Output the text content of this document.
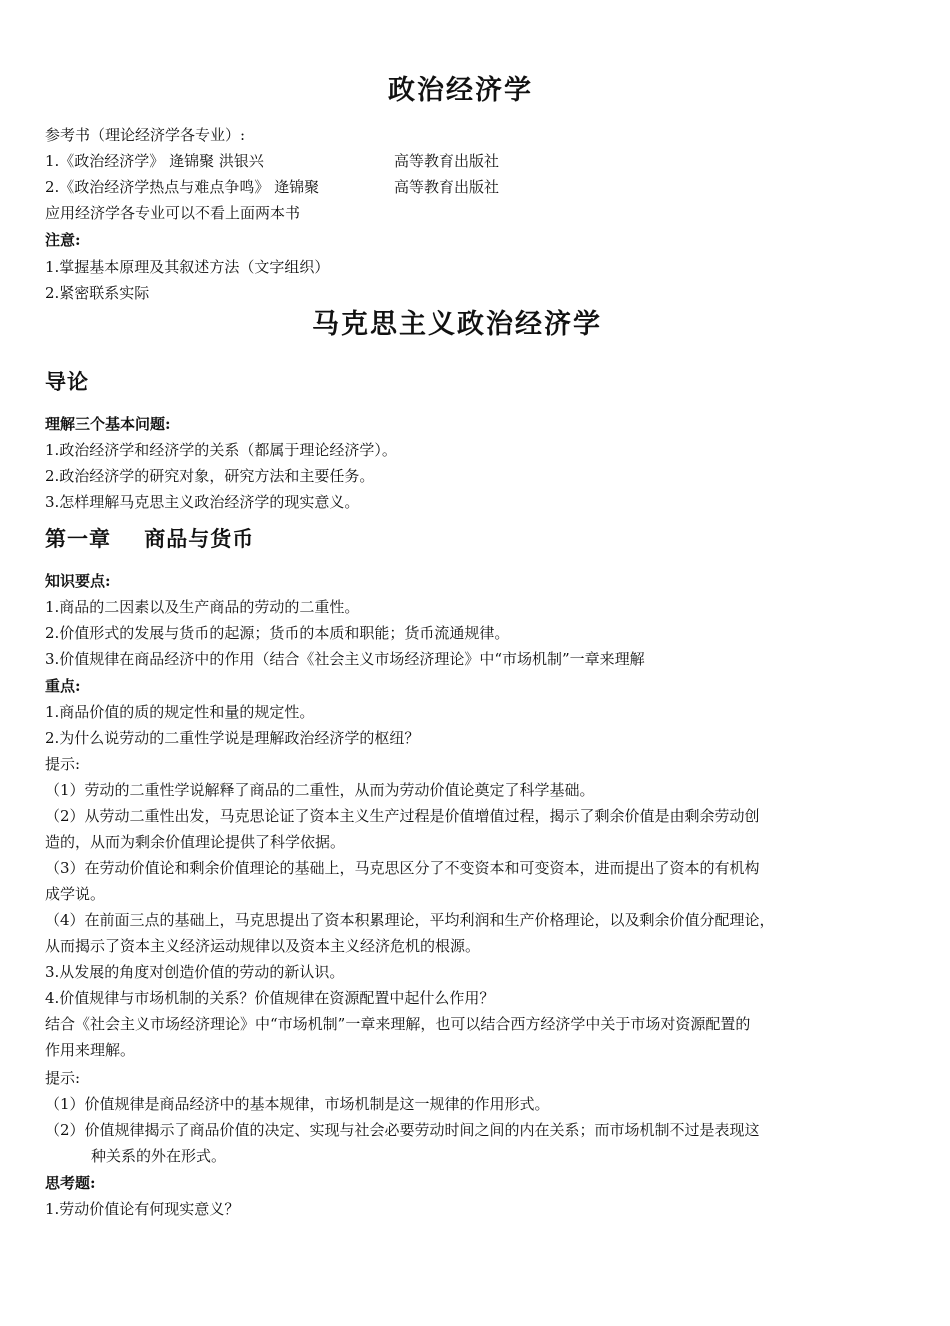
政治经济学
参考书（理论经济学各专业）:
1.《政治经济学》 逄锦聚 洪银兴	高等教育出版社
2.《政治经济学热点与难点争鸣》 逄锦聚	高等教育出版社
应用经济学各专业可以不看上面两本书
注意:
1.掌握基本原理及其叙述方法（文字组织）
2.紧密联系实际
马克思主义政治经济学
导论
理解三个基本问题:
1.政治经济学和经济学的关系（都属于理论经济学）。
2.政治经济学的研究对象，研究方法和主要任务。
3.怎样理解马克思主义政治经济学的现实意义。
第一章    商品与货币
知识要点:
1.商品的二因素以及生产商品的劳动的二重性。
2.价值形式的发展与货币的起源；货币的本质和职能；货币流通规律。
3.价值规律在商品经济中的作用（结合《社会主义市场经济理论》中“市场机制”一章来理解
重点:
1.商品价值的质的规定性和量的规定性。
2.为什么说劳动的二重性学说是理解政治经济学的枢纽？
提示:
（1）劳动的二重性学说解释了商品的二重性，从而为劳动价值论奠定了科学基础。
（2）从劳动二重性出发，马克思论证了资本主义生产过程是价值增值过程，揭示了剩余价值是由剩余劳动创
造的，从而为剩余价值理论提供了科学依据。
（3）在劳动价值论和剩余价值理论的基础上，马克思区分了不变资本和可变资本，进而提出了资本的有机构
成学说。
（4）在前面三点的基础上，马克思提出了资本积累理论，平均利润和生产价格理论，以及剩余价值分配理论，
从而揭示了资本主义经济运动规律以及资本主义经济危机的根源。
3.从发展的角度对创造价值的劳动的新认识。
4.价值规律与市场机制的关系？价值规律在资源配置中起什么作用？
结合《社会主义市场经济理论》中“市场机制”一章来理解，也可以结合西方经济学中关于市场对资源配置的
作用来理解。
提示:
（1）价值规律是商品经济中的基本规律，市场机制是这一规律的作用形式。
（2）价值规律揭示了商品价值的决定、实现与社会必要劳动时间之间的内在关系；而市场机制不过是表现这
种关系的外在形式。
思考题:
1.劳动价值论有何现实意义？
